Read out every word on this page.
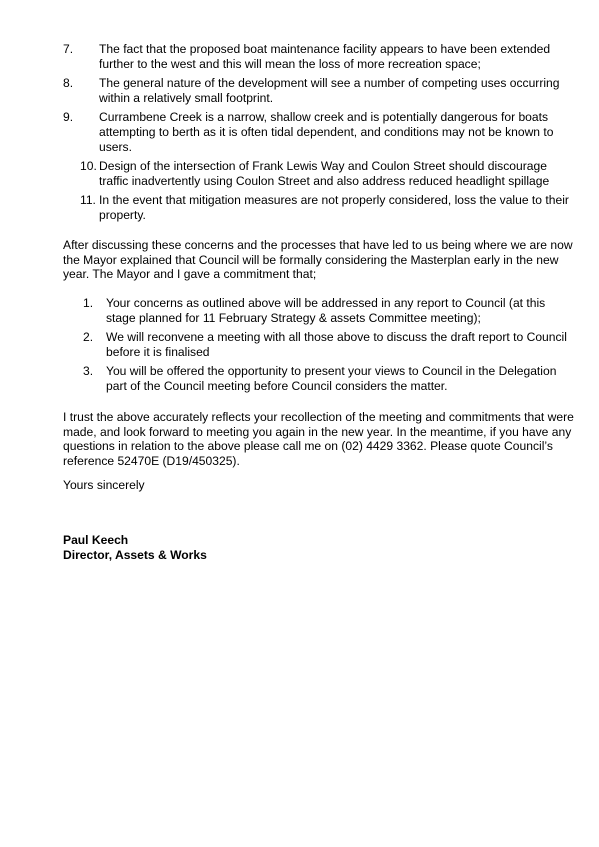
7. The fact that the proposed boat maintenance facility appears to have been extended further to the west and this will mean the loss of more recreation space;
8. The general nature of the development will see a number of competing uses occurring within a relatively small footprint.
9. Currambene Creek is a narrow, shallow creek and is potentially dangerous for boats attempting to berth as it is often tidal dependent, and conditions may not be known to users.
10. Design of the intersection of Frank Lewis Way and Coulon Street should discourage traffic inadvertently using Coulon Street and also address reduced headlight spillage
11. In the event that mitigation measures are not properly considered, loss the value to their property.

After discussing these concerns and the processes that have led to us being where we are now the Mayor explained that Council will be formally considering the Masterplan early in the new year. The Mayor and I gave a commitment that;

1. Your concerns as outlined above will be addressed in any report to Council (at this stage planned for 11 February Strategy & assets Committee meeting);
2. We will reconvene a meeting with all those above to discuss the draft report to Council before it is finalised
3. You will be offered the opportunity to present your views to Council in the Delegation part of the Council meeting before Council considers the matter.

I trust the above accurately reflects your recollection of the meeting and commitments that were made, and look forward to meeting you again in the new year. In the meantime, if you have any questions in relation to the above please call me on (02) 4429 3362. Please quote Council’s reference 52470E (D19/450325).

Yours sincerely

Paul Keech
Director, Assets & Works
